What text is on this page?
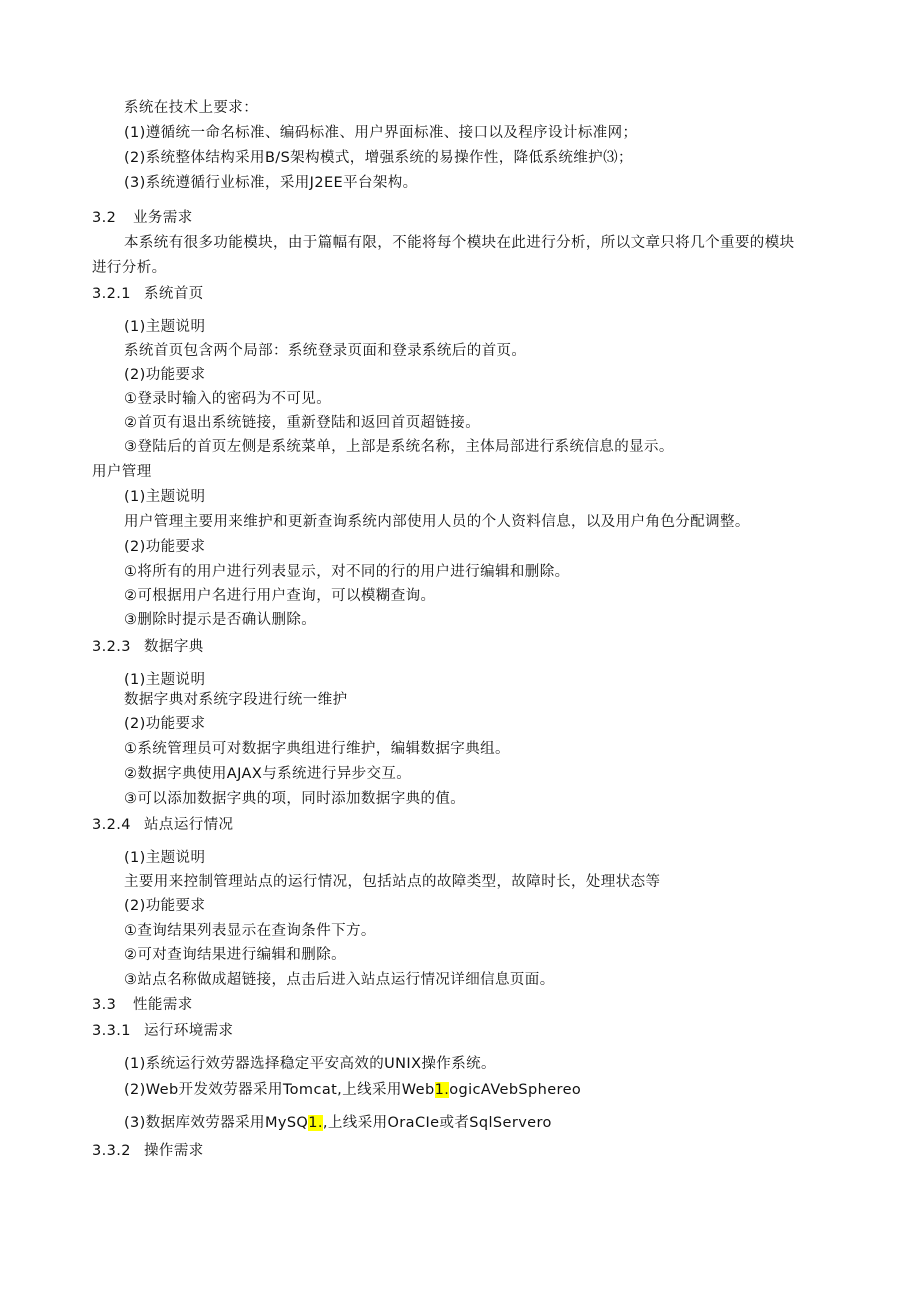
系统在技术上要求：
(1)遵循统一命名标准、编码标准、用户界面标准、接口以及程序设计标准网；
(2)系统整体结构采用B/S架构模式，增强系统的易操作性，降低系统维护⑶；
(3)系统遵循行业标准，采用J2EE平台架构。
3.2 业务需求
本系统有很多功能模块，由于篇幅有限，不能将每个模块在此进行分析，所以文章只将几个重要的模块
进行分析。
3.2.1 系统首页
(1)主题说明
系统首页包含两个局部：系统登录页面和登录系统后的首页。
(2)功能要求
①登录时输入的密码为不可见。
②首页有退出系统链接，重新登陆和返回首页超链接。
③登陆后的首页左侧是系统菜单，上部是系统名称，主体局部进行系统信息的显示。
用户管理
(1)主题说明
用户管理主要用来维护和更新查询系统内部使用人员的个人资料信息，以及用户角色分配调整。
(2)功能要求
①将所有的用户进行列表显示，对不同的行的用户进行编辑和删除。
②可根据用户名进行用户查询，可以模糊查询。
③删除时提示是否确认删除。
3.2.3 数据字典
(1)主题说明
数据字典对系统字段进行统一维护
(2)功能要求
①系统管理员可对数据字典组进行维护，编辑数据字典组。
②数据字典使用AJAX与系统进行异步交互。
③可以添加数据字典的项，同时添加数据字典的值。
3.2.4 站点运行情况
(1)主题说明
主要用来控制管理站点的运行情况，包括站点的故障类型，故障时长，处理状态等
(2)功能要求
①查询结果列表显示在查询条件下方。
②可对查询结果进行编辑和删除。
③站点名称做成超链接，点击后进入站点运行情况详细信息页面。
3.3 性能需求
3.3.1 运行环境需求
(1)系统运行效劳器选择稳定平安高效的UNIX操作系统。
(2)Web开发效劳器采用Tomcat,上线采用Web1.ogicAVebSphereo
(3)数据库效劳器采用MySQ1.,上线采用OraCIe或者SqlServero
3.3.2 操作需求
